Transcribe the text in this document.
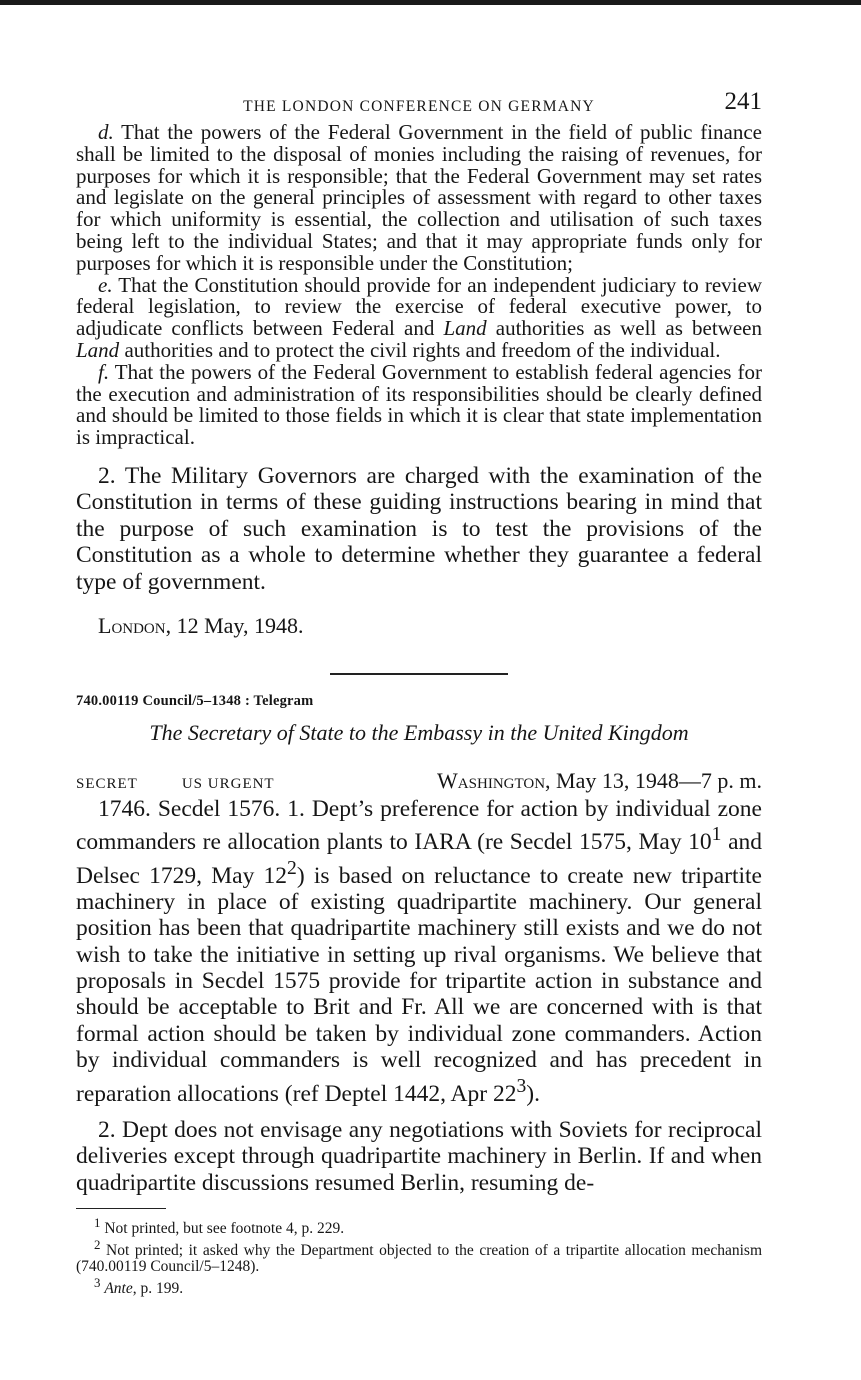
THE LONDON CONFERENCE ON GERMANY	241

d. That the powers of the Federal Government in the field of public finance shall be limited to the disposal of monies including the raising of revenues, for purposes for which it is responsible; that the Federal Government may set rates and legislate on the general principles of assessment with regard to other taxes for which uniformity is essential, the collection and utilisation of such taxes being left to the individual States; and that it may appropriate funds only for purposes for which it is responsible under the Constitution;

e. That the Constitution should provide for an independent judiciary to review federal legislation, to review the exercise of federal executive power, to adjudicate conflicts between Federal and Land authorities as well as between Land authorities and to protect the civil rights and freedom of the individual.

f. That the powers of the Federal Government to establish federal agencies for the execution and administration of its responsibilities should be clearly defined and should be limited to those fields in which it is clear that state implementation is impractical.

2. The Military Governors are charged with the examination of the Constitution in terms of these guiding instructions bearing in mind that the purpose of such examination is to test the provisions of the Constitution as a whole to determine whether they guarantee a federal type of government.

London, 12 May, 1948.

740.00119 Council/5–1348 : Telegram
The Secretary of State to the Embassy in the United Kingdom
SECRET	US URGENT	Washington, May 13, 1948—7 p. m.

1746. Secdel 1576. 1. Dept’s preference for action by individual zone commanders re allocation plants to IARA (re Secdel 1575, May $10^1$ and Delsec 1729, May $12^2$) is based on reluctance to create new tripartite machinery in place of existing quadripartite machinery. Our general position has been that quadripartite machinery still exists and we do not wish to take the initiative in setting up rival organisms. We believe that proposals in Secdel 1575 provide for tripartite action in substance and should be acceptable to Brit and Fr. All we are concerned with is that formal action should be taken by individual zone commanders. Action by individual commanders is well recognized and has precedent in reparation allocations (ref Deptel 1442, Apr $22^3$).

2. Dept does not envisage any negotiations with Soviets for reciprocal deliveries except through quadripartite machinery in Berlin. If and when quadripartite discussions resumed Berlin, resuming de-

$^1$ Not printed, but see footnote 4, p. 229.

$^2$ Not printed; it asked why the Department objected to the creation of a tripartite allocation mechanism (740.00119 Council/5–1248).

$^3$ Ante, p. 199.
